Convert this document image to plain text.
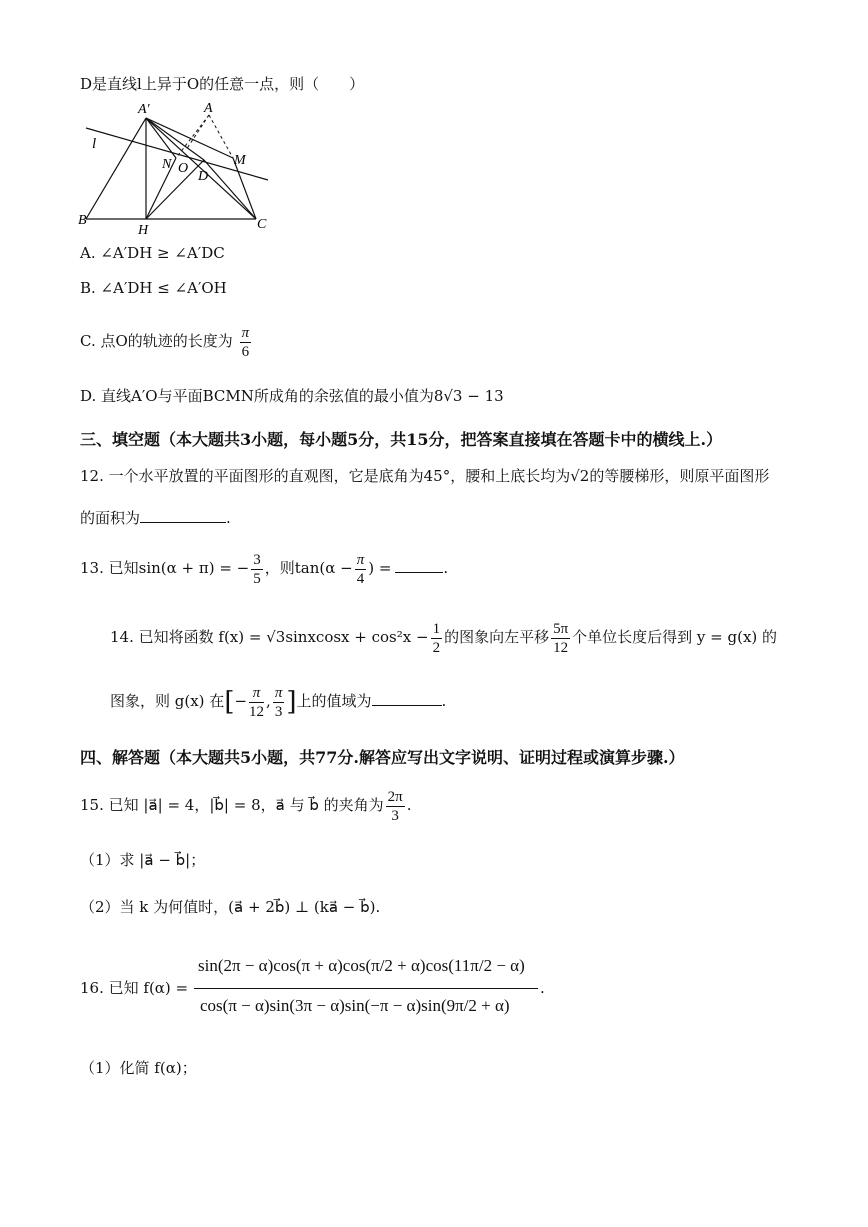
D是直线l上异于O的任意一点，则（　　）
A′	A
l
N O
D
M
B
H	C
A. ∠A′DH ≥ ∠A′DC
B. ∠A′DH ≤ ∠A′OH
C. 点O的轨迹的长度为 $\frac{\pi}{6}$
D. 直线A′O与平面BCMN所成角的余弦值的最小值为8√3 − 13
三、填空题（本大题共3小题，每小题5分，共15分，把答案直接填在答题卡中的横线上.）
12. 一个水平放置的平面图形的直观图，它是底角为45°，腰和上底长均为√2的等腰梯形，则原平面图形
的面积为	.
13. 已知sin(α + π) = − $\frac{3}{5}$ ，则$\tan(\alpha - \frac{\pi}{4}$ ) =	.
14. 已知将函数 f(x) = √3sinxcosx + $\cos^2x - \frac{1}{2}$ 的图象向左平移 $\frac{5\pi}{12}$ 个单位长度后得到 y = g(x) 的
图象，则 g(x) 在[− $\frac{\pi}{12}$ , $\frac{\pi}{3}$ ]上的值域为	.
四、解答题（本大题共5小题，共77分.解答应写出文字说明、证明过程或演算步骤.）
15. 已知 |a⃗| = 4，|b⃗| = 8，a⃗ 与 b⃗ 的夹角为 $\frac{2\pi}{3}$ .
（1）求 |a⃗ − b⃗|；
（2）当 k 为何值时，(a⃗ + 2b⃗) ⊥ (ka⃗ − b⃗).
16. 已知 f(α) =
sin(2π − α)cos(π + α)cos(π/2 + α)cos(11π/2 − α)
cos(π − α)sin(3π − α)sin(−π − α)sin(9π/2 + α)
.
（1）化简 f(α)；
